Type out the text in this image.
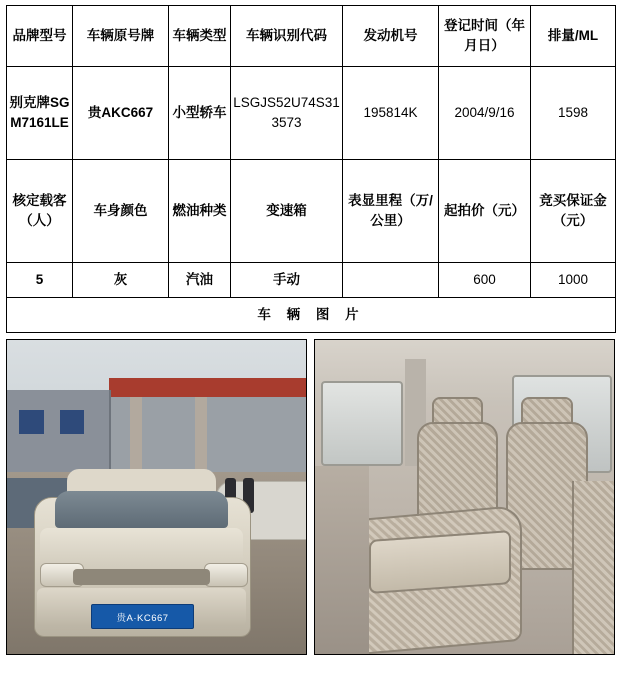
品牌型号	车辆原号牌	车辆类型	车辆识别代码	发动机号	登记时间（年月日）	排量/ML
别克牌SGM7161LE	贵AKC667	小型轿车	LSGJS52U74S313573	195814K	2004/9/16	1598
核定载客（人）	车身颜色	燃油种类	变速箱	表显里程（万/公里）	起拍价（元）	竞买保证金（元）
5	灰	汽油	手动		600	1000
车 辆 图 片						
贵A·KC667
